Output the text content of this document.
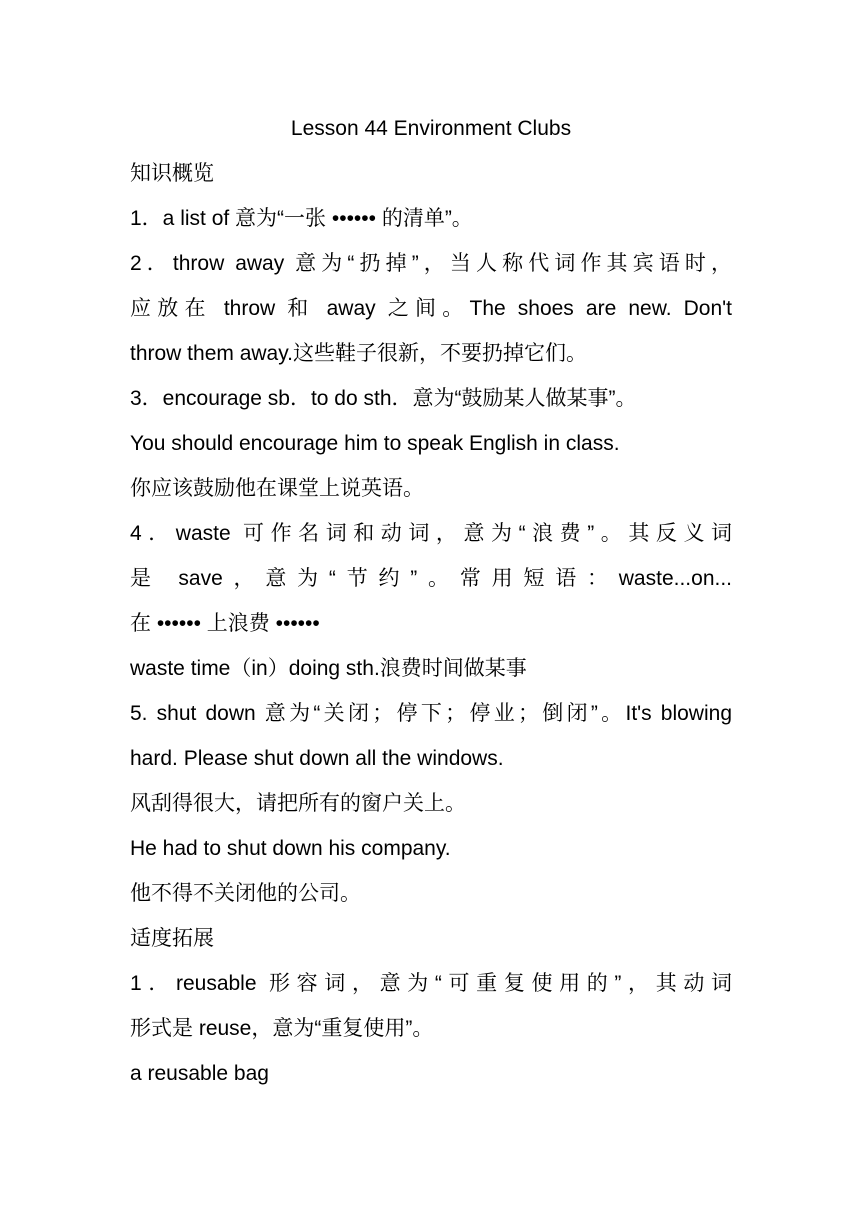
Lesson 44 Environment Clubs
知识概览
1．a list of 意为“一张 •••••• 的清单”。
2．throw away 意为“扔掉”，当人称代词作其宾语时，
应放在 throw 和 away 之间。The shoes are new. Don't
throw them away.这些鞋子很新，不要扔掉它们。
3．encourage sb．to do sth．意为“鼓励某人做某事”。
You should encourage him to speak English in class.
你应该鼓励他在课堂上说英语。
4．waste 可作名词和动词，意为“浪费”。其反义词
是 save，意为“节约”。常用短语：waste...on...
在 •••••• 上浪费 ••••••
waste time（in）doing sth.浪费时间做某事
5. shut down 意为“关闭；停下；停业；倒闭”。It's blowing
hard. Please shut down all the windows.
风刮得很大，请把所有的窗户关上。
He had to shut down his company.
他不得不关闭他的公司。
适度拓展
1．reusable 形容词，意为“可重复使用的”，其动词
形式是 reuse，意为“重复使用”。
a reusable bag
